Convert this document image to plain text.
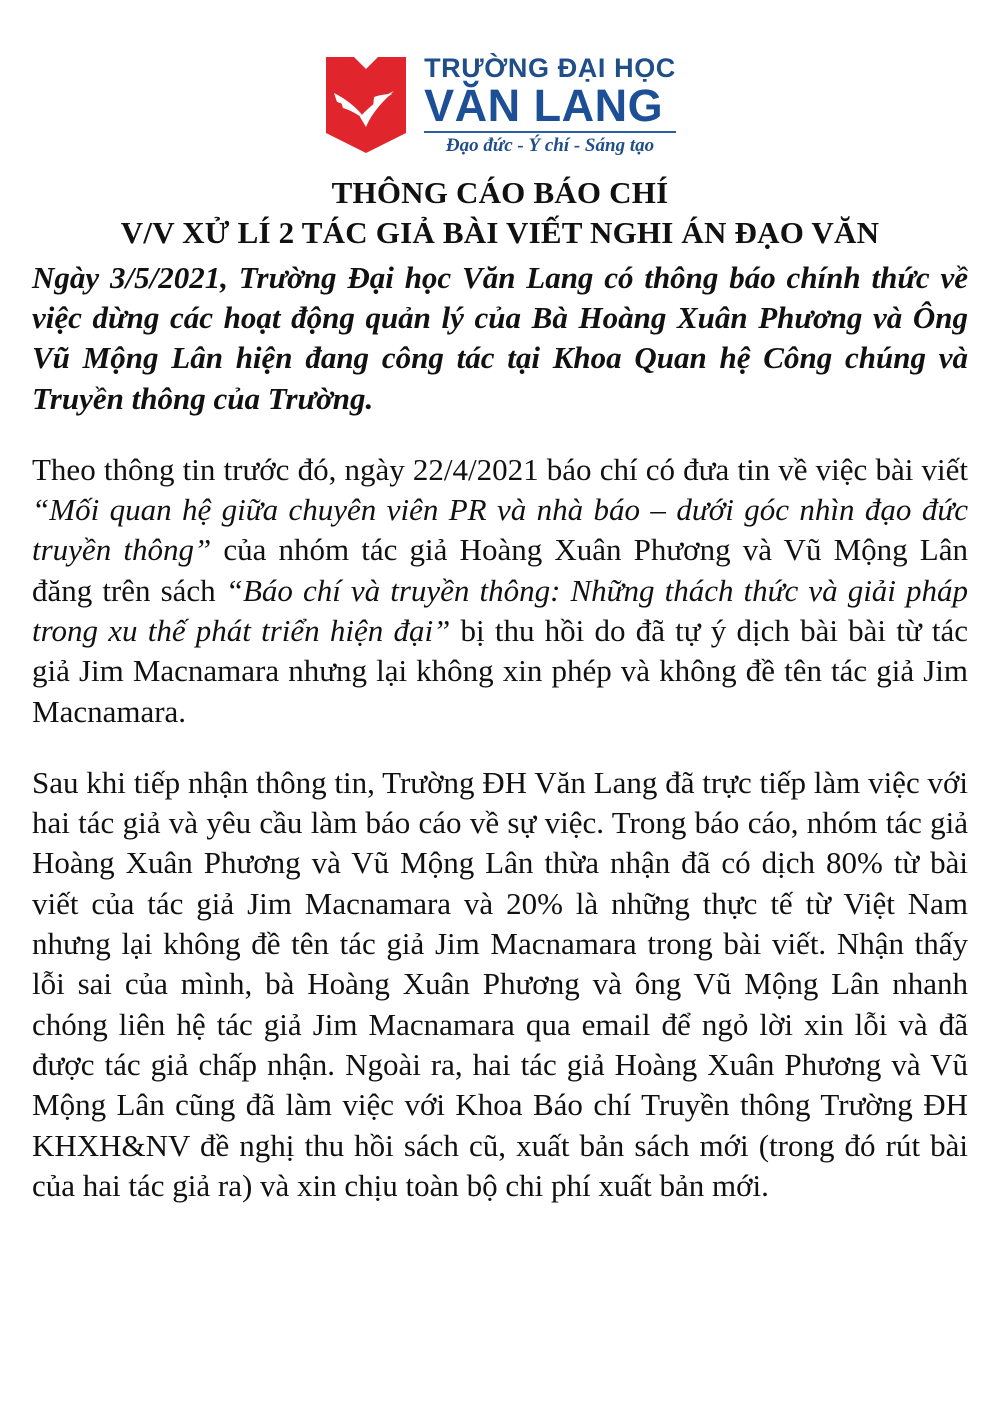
TRƯỜNG ĐẠI HỌC
VĂN LANG
Đạo đức - Ý chí - Sáng tạo
THÔNG CÁO BÁO CHÍ
V/V XỬ LÍ 2 TÁC GIẢ BÀI VIẾT NGHI ÁN ĐẠO VĂN

Ngày 3/5/2021, Trường Đại học Văn Lang có thông báo chính thức về việc dừng các hoạt động quản lý của Bà Hoàng Xuân Phương và Ông Vũ Mộng Lân hiện đang công tác tại Khoa Quan hệ Công chúng và Truyền thông của Trường.

Theo thông tin trước đó, ngày 22/4/2021 báo chí có đưa tin về việc bài viết “Mối quan hệ giữa chuyên viên PR và nhà báo – dưới góc nhìn đạo đức truyền thông” của nhóm tác giả Hoàng Xuân Phương và Vũ Mộng Lân đăng trên sách “Báo chí và truyền thông: Những thách thức và giải pháp trong xu thế phát triển hiện đại” bị thu hồi do đã tự ý dịch bài bài từ tác giả Jim Macnamara nhưng lại không xin phép và không đề tên tác giả Jim Macnamara.

Sau khi tiếp nhận thông tin, Trường ĐH Văn Lang đã trực tiếp làm việc với hai tác giả và yêu cầu làm báo cáo về sự việc. Trong báo cáo, nhóm tác giả Hoàng Xuân Phương và Vũ Mộng Lân thừa nhận đã có dịch 80% từ bài viết của tác giả Jim Macnamara và 20% là những thực tế từ Việt Nam nhưng lại không đề tên tác giả Jim Macnamara trong bài viết. Nhận thấy lỗi sai của mình, bà Hoàng Xuân Phương và ông Vũ Mộng Lân nhanh chóng liên hệ tác giả Jim Macnamara qua email để ngỏ lời xin lỗi và đã được tác giả chấp nhận. Ngoài ra, hai tác giả Hoàng Xuân Phương và Vũ Mộng Lân cũng đã làm việc với Khoa Báo chí Truyền thông Trường ĐH KHXH&NV đề nghị thu hồi sách cũ, xuất bản sách mới (trong đó rút bài của hai tác giả ra) và xin chịu toàn bộ chi phí xuất bản mới.
